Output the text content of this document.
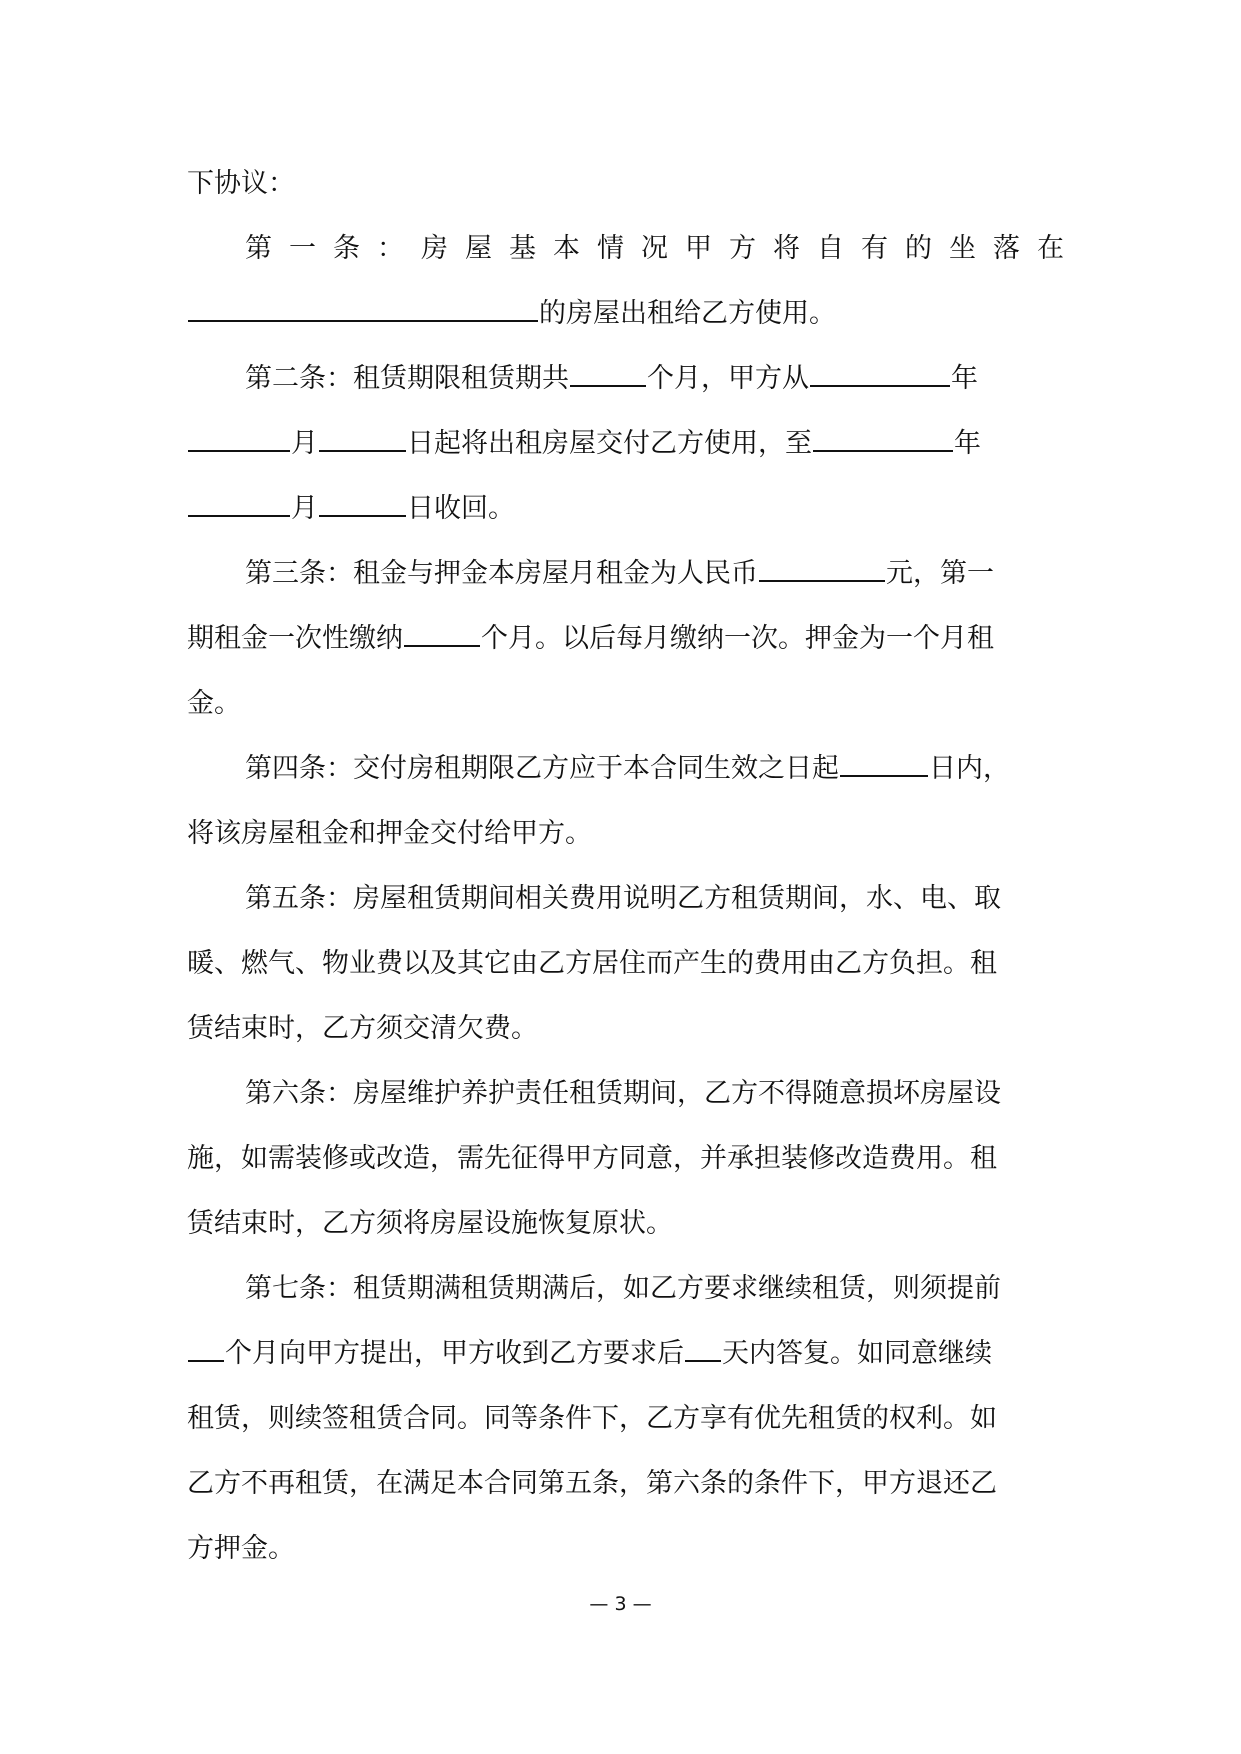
下协议：
第一条：房屋基本情况甲方将自有的坐落在
的房屋出租给乙方使用。
第二条：租赁期限租赁期共	个月，甲方从	年
月	日起将出租房屋交付乙方使用，至	年
月	日收回。
第三条：租金与押金本房屋月租金为人民币	元，第一
期租金一次性缴纳	个月。以后每月缴纳一次。押金为一个月租
金。
第四条：交付房租期限乙方应于本合同生效之日起	日内，
将该房屋租金和押金交付给甲方。
第五条：房屋租赁期间相关费用说明乙方租赁期间，水、电、取
暖、燃气、物业费以及其它由乙方居住而产生的费用由乙方负担。租
赁结束时，乙方须交清欠费。
第六条：房屋维护养护责任租赁期间，乙方不得随意损坏房屋设
施，如需装修或改造，需先征得甲方同意，并承担装修改造费用。租
赁结束时，乙方须将房屋设施恢复原状。
第七条：租赁期满租赁期满后，如乙方要求继续租赁，则须提前
个月向甲方提出，甲方收到乙方要求后 天内答复。如同意继续
租赁，则续签租赁合同。同等条件下，乙方享有优先租赁的权利。如
乙方不再租赁，在满足本合同第五条，第六条的条件下，甲方退还乙
方押金。
— 3 —
